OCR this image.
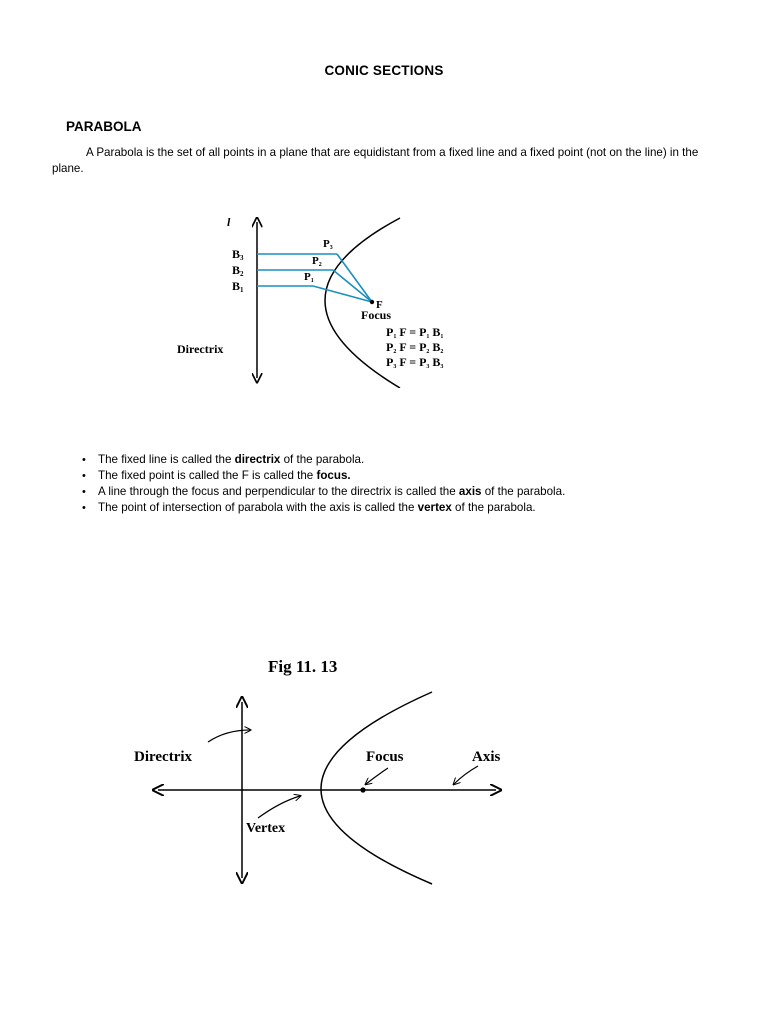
CONIC SECTIONS
PARABOLA
A Parabola is the set of all points in a plane that are equidistant from a fixed line and a fixed point (not on the line) in the plane.
l
B3
B2
B1
P3
P2
P1
F
Focus
Directrix
P1 F = P1 B1
P2 F = P2 B2
P3 F = P3 B3
• The fixed line is called the directrix of the parabola.
• The fixed point is called the F is called the focus.
• A line through the focus and perpendicular to the directrix is called the axis of the parabola.
• The point of intersection of parabola with the axis is called the vertex of the parabola.
Fig 11. 13
Directrix	Focus	Axis
Vertex
